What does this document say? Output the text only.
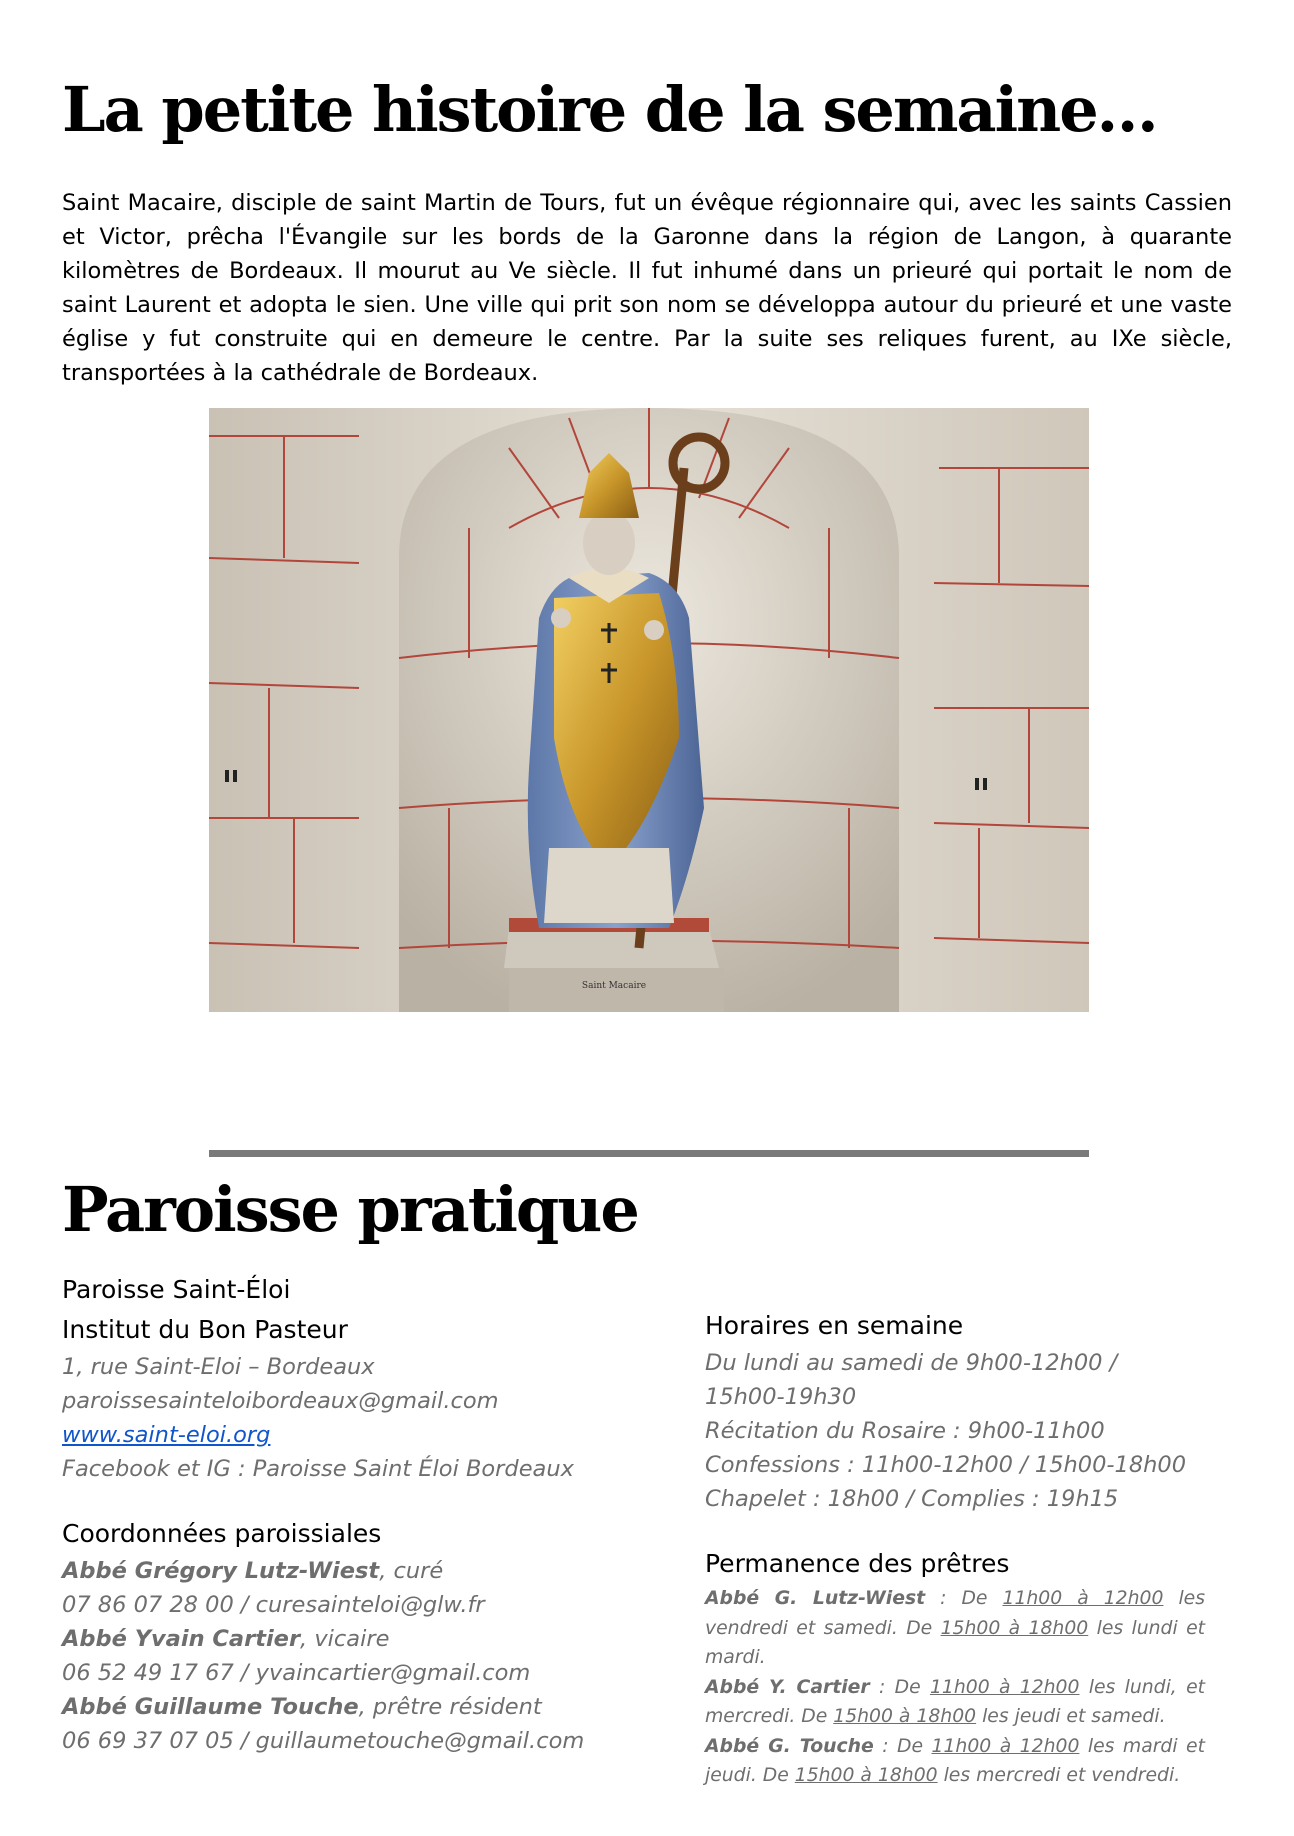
La petite histoire de la semaine…

Saint Macaire, disciple de saint Martin de Tours, fut un évêque régionnaire qui, avec les saints Cassien et Victor, prêcha l'Évangile sur les bords de la Garonne dans la région de Langon, à quarante kilomètres de Bordeaux. Il mourut au Ve siècle. Il fut inhumé dans un prieuré qui portait le nom de saint Laurent et adopta le sien. Une ville qui prit son nom se développa autour du prieuré et une vaste église y fut construite qui en demeure le centre. Par la suite ses reliques furent, au IXe siècle, transportées à la cathédrale de Bordeaux.

Saint Macaire
Paroisse pratique

Paroisse Saint-Éloi

Institut du Bon Pasteur

1, rue Saint-Eloi – Bordeaux

paroissesainteloibordeaux@gmail.com

www.saint-eloi.org

Facebook et IG : Paroisse Saint Éloi Bordeaux

Coordonnées paroissiales

Abbé Grégory Lutz-Wiest, curé

07 86 07 28 00 / curesainteloi@glw.fr

Abbé Yvain Cartier, vicaire

06 52 49 17 67 / yvaincartier@gmail.com

Abbé Guillaume Touche, prêtre résident

06 69 37 07 05 / guillaumetouche@gmail.com

Horaires en semaine

Du lundi au samedi de 9h00-12h00 /

15h00-19h30

Récitation du Rosaire : 9h00-11h00

Confessions : 11h00-12h00 / 15h00-18h00

Chapelet : 18h00 / Complies : 19h15

Permanence des prêtres

Abbé G. Lutz-Wiest : De 11h00 à 12h00 les vendredi et samedi. De 15h00 à 18h00 les lundi et mardi.

Abbé Y. Cartier : De 11h00 à 12h00 les lundi, et mercredi. De 15h00 à 18h00 les jeudi et samedi.

Abbé G. Touche : De 11h00 à 12h00 les mardi et jeudi. De 15h00 à 18h00 les mercredi et vendredi.
